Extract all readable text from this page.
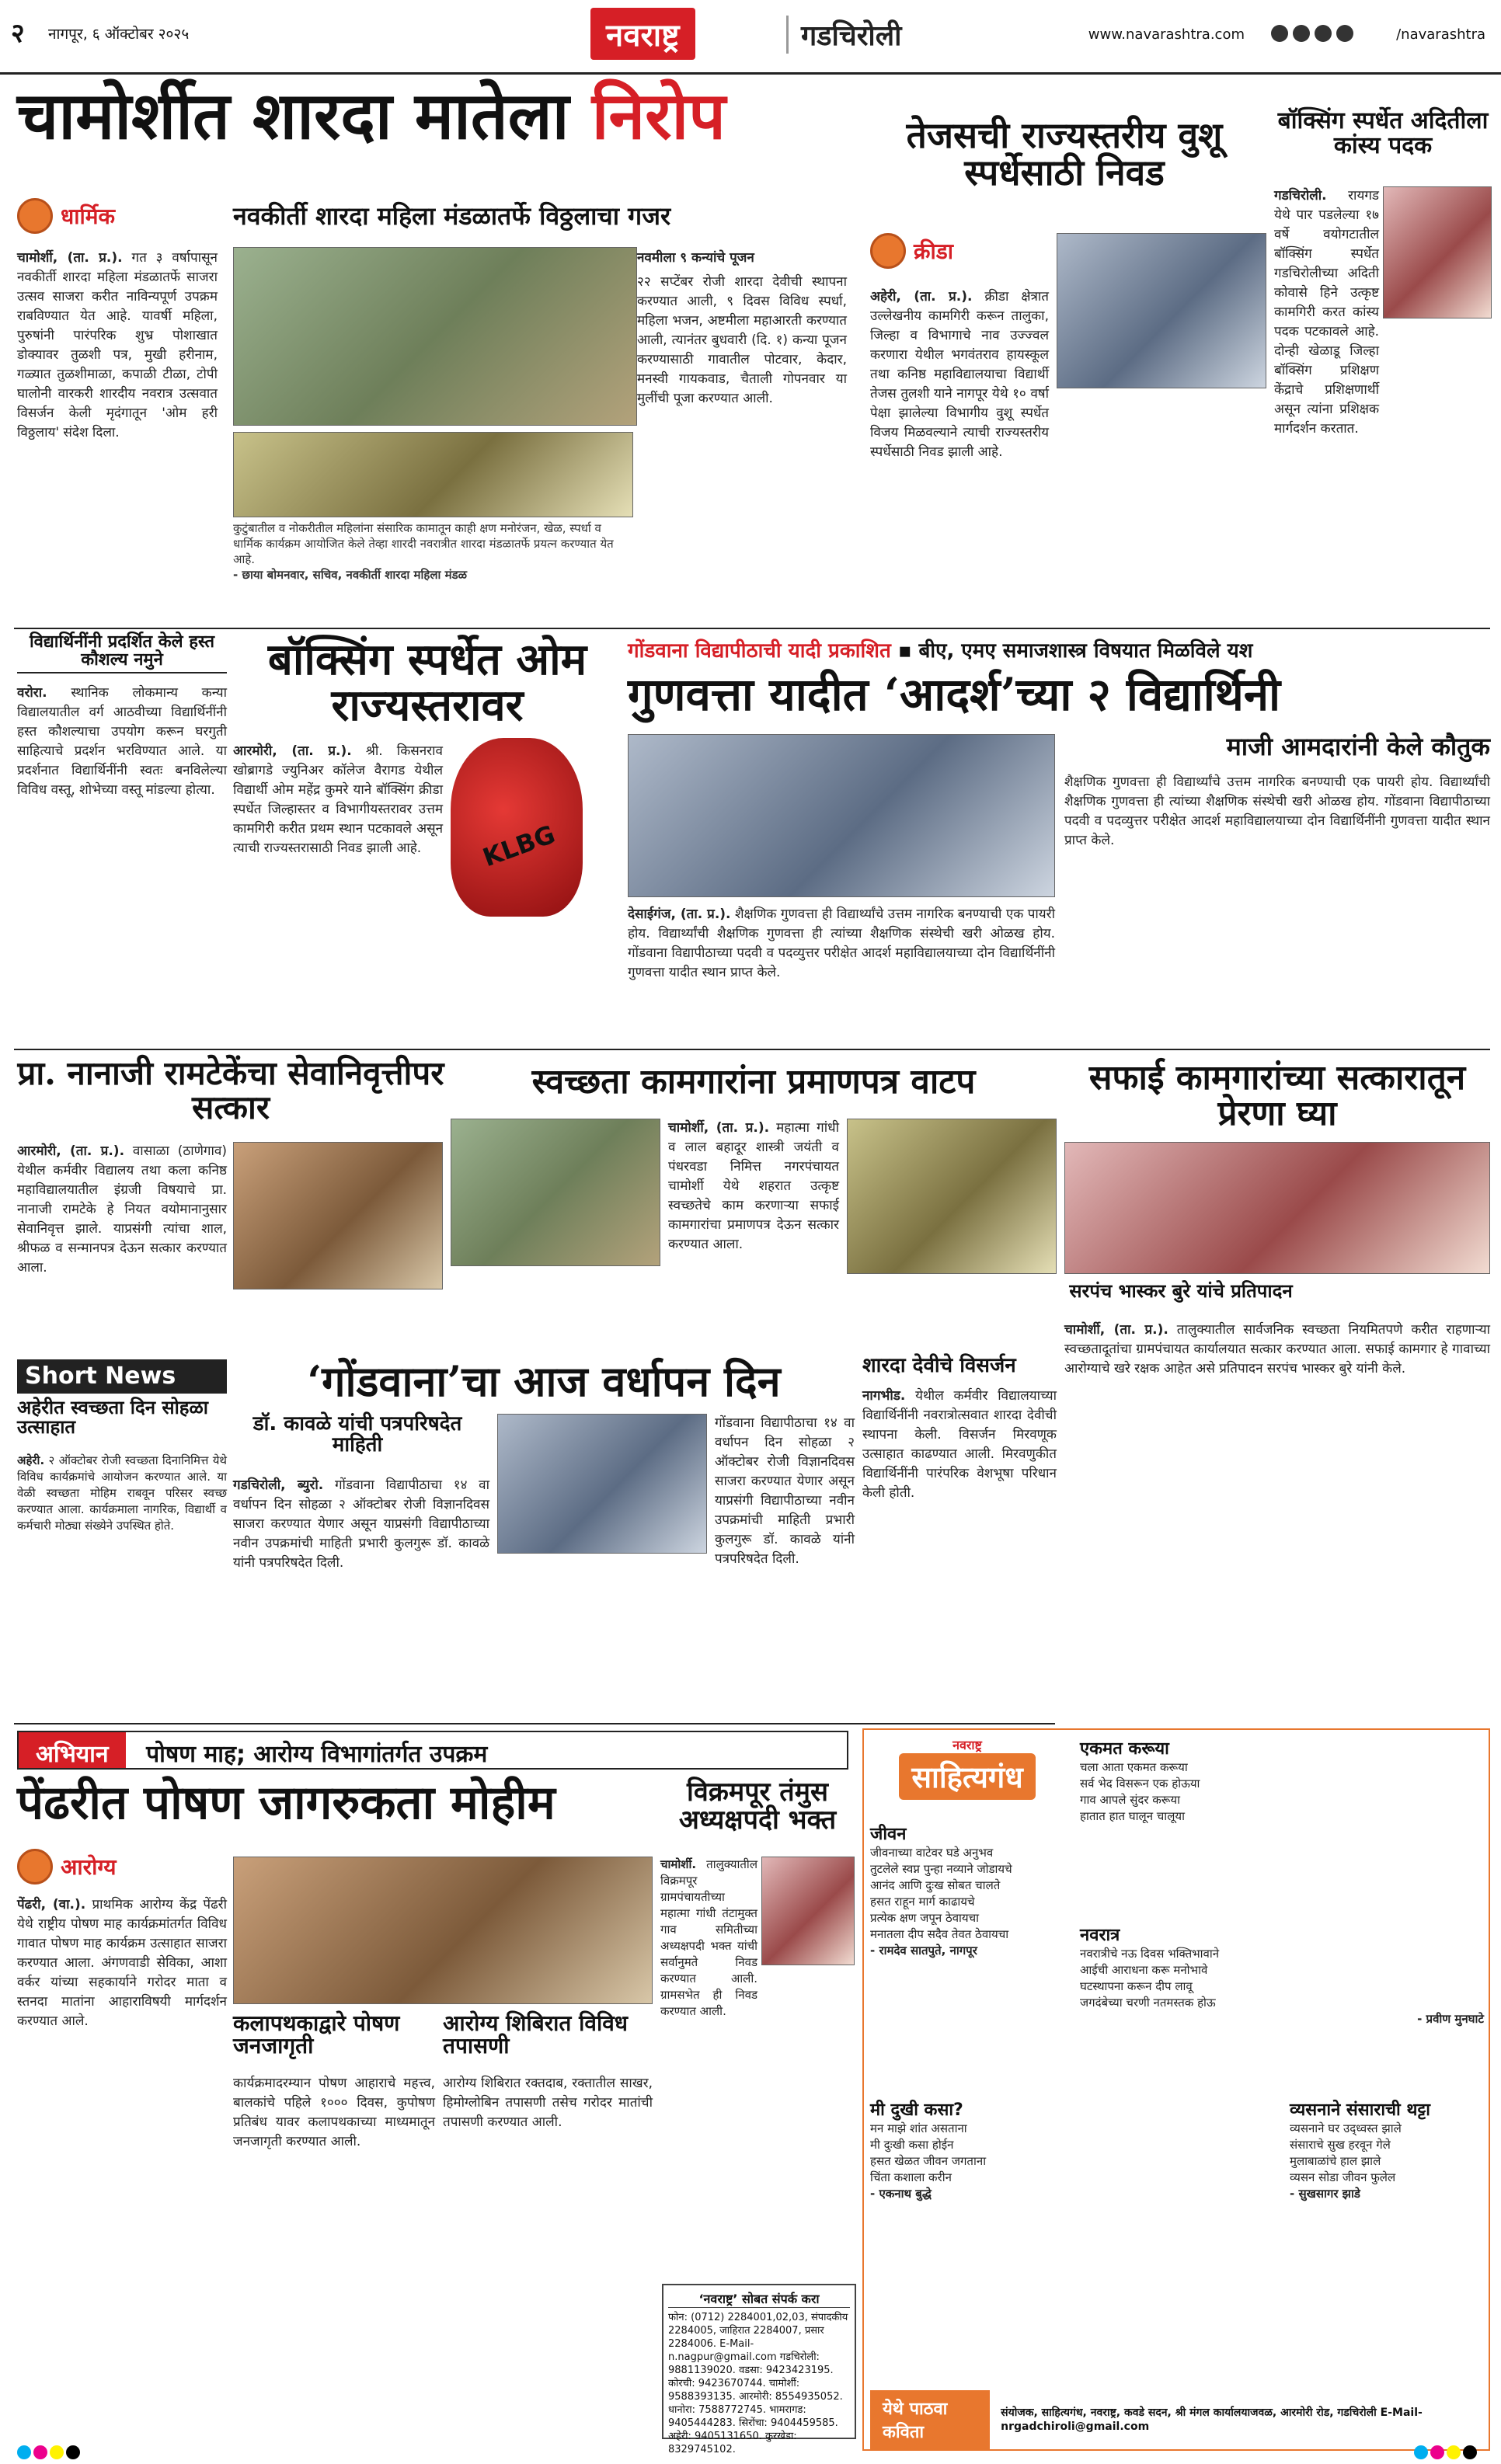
२ नागपूर, ६ ऑक्टोबर २०२५	नवराष्ट्र	गडचिरोली	www.navarashtra.com	/navarashtra
चामोर्शीत शारदा मातेला निरोप
धार्मिक	नवकीर्ती शारदा महिला मंडळातर्फे विठ्ठलाचा गजर

चामोर्शी, (ता. प्र.). गत ३ वर्षापासून नवकीर्ती शारदा महिला मंडळातर्फे साजरा उत्सव साजरा करीत नाविन्यपूर्ण उपक्रम राबविण्यात येत आहे. यावर्षी महिला, पुरुषांनी पारंपरिक शुभ्र पोशाखात डोक्यावर तुळशी पत्र, मुखी हरीनाम, गळ्यात तुळशीमाळा, कपाळी टीळा, टोपी घालोनी वारकरी शारदीय नवरात्र उत्सवात विसर्जन केली मृदंगातून 'ओम हरी विठ्ठलाय' संदेश दिला.

कुटुंबातील व नोकरीतील महिलांना संसारिक कामातून काही क्षण मनोरंजन, खेळ, स्पर्धा व धार्मिक कार्यक्रम आयोजित केले तेव्हा शारदी नवरात्रीत शारदा मंडळातर्फे प्रयत्न करण्यात येत आहे.
- छाया बोमनवार, सचिव, नवकीर्ती शारदा महिला मंडळ

नवमीला ९ कन्यांचे पूजन

२२ सप्टेंबर रोजी शारदा देवीची स्थापना करण्यात आली, ९ दिवस विविध स्पर्धा, महिला भजन, अष्टमीला महाआरती करण्यात आली, त्यानंतर बुधवारी (दि. १) कन्या पूजन करण्यासाठी गावातील पोटवार, केदार, मनस्वी गायकवाड, चैताली गोपनवार या मुलींची पूजा करण्यात आली.

तेजसची राज्यस्तरीय वुशू स्पर्धेसाठी निवड
क्रीडा

अहेरी, (ता. प्र.). क्रीडा क्षेत्रात उल्लेखनीय कामगिरी करून तालुका, जिल्हा व विभागाचे नाव उज्ज्वल करणारा येथील भगवंतराव हायस्कूल तथा कनिष्ठ महाविद्यालयाचा विद्यार्थी तेजस तुलशी याने नागपूर येथे १० वर्षा पेक्षा झालेल्या विभागीय वुशू स्पर्धेत विजय मिळवल्याने त्याची राज्यस्तरीय स्पर्धेसाठी निवड झाली आहे.

बॉक्सिंग स्पर्धेत अदितीला कांस्य पदक

गडचिरोली. रायगड येथे पार पडलेल्या १७ वर्षे वयोगटातील बॉक्सिंग स्पर्धेत गडचिरोलीच्या अदिती कोवासे हिने उत्कृष्ट कामगिरी करत कांस्य पदक पटकावले आहे. दोन्ही खेळाडू जिल्हा बॉक्सिंग प्रशिक्षण केंद्राचे प्रशिक्षणार्थी असून त्यांना प्रशिक्षक मार्गदर्शन करतात.

विद्यार्थिनींनी प्रदर्शित केले हस्त कौशल्य नमुने

वरोरा. स्थानिक लोकमान्य कन्या विद्यालयातील वर्ग आठवीच्या विद्यार्थिनींनी हस्त कौशल्याचा उपयोग करून घरगुती साहित्याचे प्रदर्शन भरविण्यात आले. या प्रदर्शनात विद्यार्थिनींनी स्वतः बनविलेल्या विविध वस्तू, शोभेच्या वस्तू मांडल्या होत्या.

बॉक्सिंग स्पर्धेत ओम राज्यस्तरावर

आरमोरी, (ता. प्र.). श्री. किसनराव खोब्रागडे ज्युनिअर कॉलेज वैरागड येथील विद्यार्थी ओम महेंद्र कुमरे याने बॉक्सिंग क्रीडा स्पर्धेत जिल्हास्तर व विभागीयस्तरावर उत्तम कामगिरी करीत प्रथम स्थान पटकावले असून त्याची राज्यस्तरासाठी निवड झाली आहे.	KLBG
गोंडवाना विद्यापीठाची यादी प्रकाशित ▪ बीए, एमए समाजशास्त्र विषयात मिळविले यश
गुणवत्ता यादीत ‘आदर्श’च्या २ विद्यार्थिनी
माजी आमदारांनी केले कौतुक

शैक्षणिक गुणवत्ता ही विद्यार्थ्यांचे उत्तम नागरिक बनण्याची एक पायरी होय. विद्यार्थ्यांची शैक्षणिक गुणवत्ता ही त्यांच्या शैक्षणिक संस्थेची खरी ओळख होय. गोंडवाना विद्यापीठाच्या पदवी व पदव्युत्तर परीक्षेत आदर्श महाविद्यालयाच्या दोन विद्यार्थिनींनी गुणवत्ता यादीत स्थान प्राप्त केले.

देसाईगंज, (ता. प्र.). शैक्षणिक गुणवत्ता ही विद्यार्थ्यांचे उत्तम नागरिक बनण्याची एक पायरी होय. विद्यार्थ्यांची शैक्षणिक गुणवत्ता ही त्यांच्या शैक्षणिक संस्थेची खरी ओळख होय. गोंडवाना विद्यापीठाच्या पदवी व पदव्युत्तर परीक्षेत आदर्श महाविद्यालयाच्या दोन विद्यार्थिनींनी गुणवत्ता यादीत स्थान प्राप्त केले.

प्रा. नानाजी रामटेकेंचा सेवानिवृत्तीपर सत्कार

आरमोरी, (ता. प्र.). वासाळा (ठाणेगाव) येथील कर्मवीर विद्यालय तथा कला कनिष्ठ महाविद्यालयातील इंग्रजी विषयाचे प्रा. नानाजी रामटेके हे नियत वयोमानानुसार सेवानिवृत्त झाले. याप्रसंगी त्यांचा शाल, श्रीफळ व सन्मानपत्र देऊन सत्कार करण्यात आला.

स्वच्छता कामगारांना प्रमाणपत्र वाटप

चामोर्शी, (ता. प्र.). महात्मा गांधी व लाल बहादूर शास्त्री जयंती व पंधरवडा निमित्त नगरपंचायत चामोर्शी येथे शहरात उत्कृष्ट स्वच्छतेचे काम करणाऱ्या सफाई कामगारांचा प्रमाणपत्र देऊन सत्कार करण्यात आला.

सफाई कामगारांच्या सत्कारातून प्रेरणा घ्या
सरपंच भास्कर बुरे यांचे प्रतिपादन
Short News
अहेरीत स्वच्छता दिन सोहळा उत्साहात

अहेरी. २ ऑक्टोबर रोजी स्वच्छता दिनानिमित्त येथे विविध कार्यक्रमांचे आयोजन करण्यात आले. या वेळी स्वच्छता मोहिम राबवून परिसर स्वच्छ करण्यात आला. कार्यक्रमाला नागरिक, विद्यार्थी व कर्मचारी मोठ्या संख्येने उपस्थित होते.

‘गोंडवाना’चा आज वर्धापन दिन
डॉ. कावळे यांची पत्रपरिषदेत माहिती

गडचिरोली, ब्युरो. गोंडवाना विद्यापीठाचा १४ वा वर्धापन दिन सोहळा २ ऑक्टोबर रोजी विज्ञानदिवस साजरा करण्यात येणार असून याप्रसंगी विद्यापीठाच्या नवीन उपक्रमांची माहिती प्रभारी कुलगुरू डॉ. कावळे यांनी पत्रपरिषदेत दिली.

गोंडवाना विद्यापीठाचा १४ वा वर्धापन दिन सोहळा २ ऑक्टोबर रोजी विज्ञानदिवस साजरा करण्यात येणार असून याप्रसंगी विद्यापीठाच्या नवीन उपक्रमांची माहिती प्रभारी कुलगुरू डॉ. कावळे यांनी पत्रपरिषदेत दिली.

शारदा देवीचे विसर्जन

नागभीड. येथील कर्मवीर विद्यालयाच्या विद्यार्थिनींनी नवरात्रोत्सवात शारदा देवीची स्थापना केली. विसर्जन मिरवणूक उत्साहात काढण्यात आली. मिरवणुकीत विद्यार्थिनींनी पारंपरिक वेशभूषा परिधान केली होती.

चामोर्शी, (ता. प्र.). तालुक्यातील सार्वजनिक स्वच्छता नियमितपणे करीत राहणाऱ्या स्वच्छतादूतांचा ग्रामपंचायत कार्यालयात सत्कार करण्यात आला. सफाई कामगार हे गावाच्या आरोग्याचे खरे रक्षक आहेत असे प्रतिपादन सरपंच भास्कर बुरे यांनी केले.

अभियान पोषण माह; आरोग्य विभागांतर्गत उपक्रम
पेंढरीत पोषण जागरुकता मोहीम
आरोग्य

पेंढरी, (वा.). प्राथमिक आरोग्य केंद्र पेंढरी येथे राष्ट्रीय पोषण माह कार्यक्रमांतर्गत विविध गावात पोषण माह कार्यक्रम उत्साहात साजरा करण्यात आला. अंगणवाडी सेविका, आशा वर्कर यांच्या सहकार्याने गरोदर माता व स्तनदा मातांना आहाराविषयी मार्गदर्शन करण्यात आले.	कलापथकाद्वारे पोषण जनजागृती
कार्यक्रमादरम्यान पोषण आहाराचे महत्त्व, बालकांचे पहिले १००० दिवस, कुपोषण प्रतिबंध यावर कलापथकाच्या माध्यमातून जनजागृती करण्यात आली.
आरोग्य शिबिरात विविध तपासणी
आरोग्य शिबिरात रक्तदाब, रक्तातील साखर, हिमोग्लोबिन तपासणी तसेच गरोदर मातांची तपासणी करण्यात आली.
विक्रमपूर तंमुस अध्यक्षपदी भक्त

चामोर्शी. तालुक्यातील विक्रमपूर ग्रामपंचायतीच्या महात्मा गांधी तंटामुक्त गाव समितीच्या अध्यक्षपदी भक्त यांची सर्वानुमते निवड करण्यात आली. ग्रामसभेत ही निवड करण्यात आली.

‘नवराष्ट्र’ सोबत संपर्क करा
फोन: (0712) 2284001,02,03, संपादकीय 2284005, जाहिरात 2284007, प्रसार 2284006. E-Mail-n.nagpur@gmail.com गडचिरोली: 9881139020. वडसा: 9423423195. कोरची: 9423670744. चामोर्शी: 9588393135. आरमोरी: 8554935052. धानोरा: 7588772745. भामरागड: 9405444283. सिरोंचा: 9404459585. अहेरी: 9405131650. कुरखेडा: 8329745102.
नवराष्ट्र
साहित्यगंध
जीवन
जीवनाच्या वाटेवर घडे अनुभव
तुटलेले स्वप्न पुन्हा नव्याने जोडायचे
आनंद आणि दुःख सोबत चालते
हसत राहून मार्ग काढायचे
प्रत्येक क्षण जपून ठेवायचा
मनातला दीप सदैव तेवत ठेवायचा
- रामदेव सातपुते, नागपूर
एकमत करूया
चला आता एकमत करूया
सर्व भेद विसरून एक होऊया
गाव आपले सुंदर करूया
हातात हात घालून चालूया
नवरात्र
नवरात्रीचे नऊ दिवस भक्तिभावाने
आईची आराधना करू मनोभावे
घटस्थापना करून दीप लावू
जगदंबेच्या चरणी नतमस्तक होऊ
- प्रवीण मुनघाटे
मी दुखी कसा?
मन माझे शांत असताना
मी दुःखी कसा होईन
हसत खेळत जीवन जगताना
चिंता कशाला करीन
- एकनाथ बुद्धे
व्यसनाने संसाराची थट्टा
व्यसनाने घर उद्ध्वस्त झाले
संसाराचे सुख हरवून गेले
मुलाबाळांचे हाल झाले
व्यसन सोडा जीवन फुलेल
- सुखसागर झाडे
येथे पाठवा कविता
संयोजक, साहित्यगंध, नवराष्ट्र, कवडे सदन, श्री मंगल कार्यालयाजवळ, आरमोरी रोड, गडचिरोली E-Mail-nrgadchiroli@gmail.com
